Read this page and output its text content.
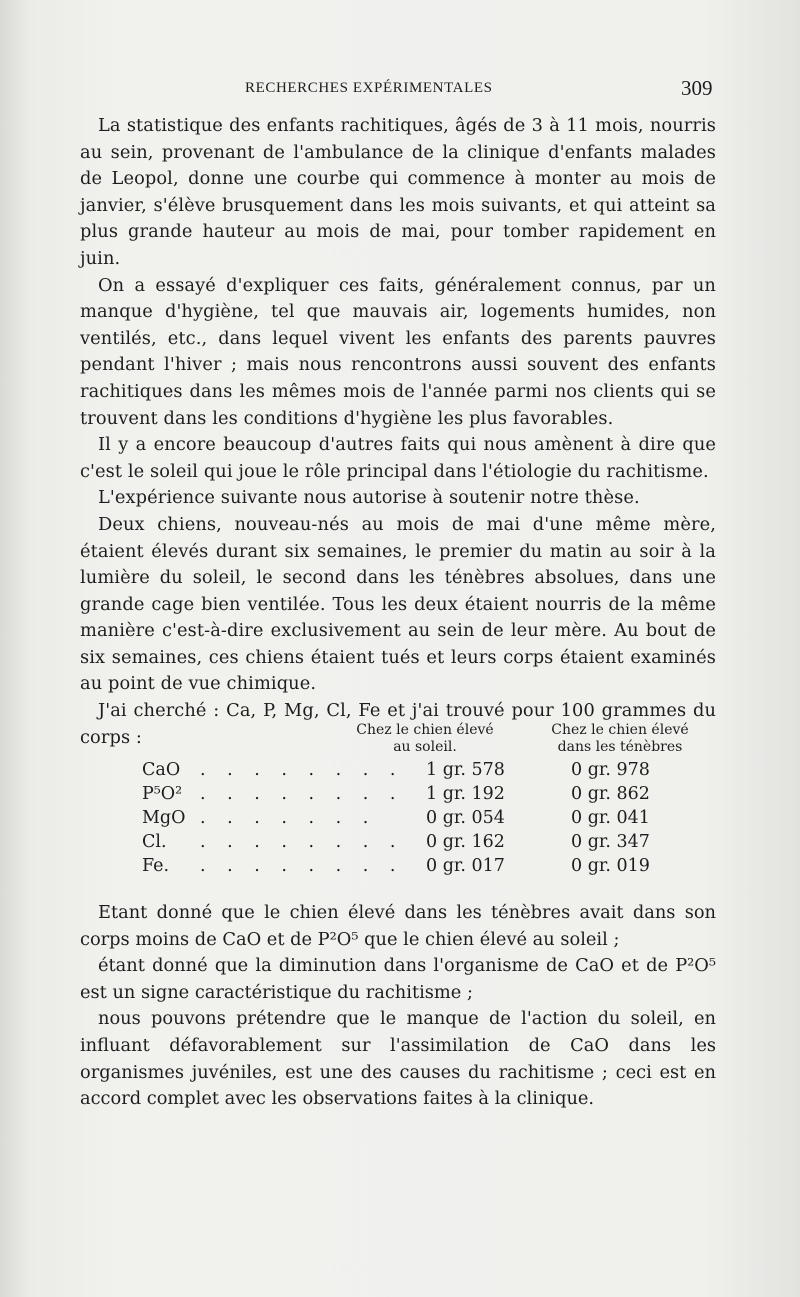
RECHERCHES EXPÉRIMENTALES	309

La statistique des enfants rachitiques, âgés de 3 à 11 mois, nourris au sein, provenant de l'ambulance de la clinique d'enfants malades de Leopol, donne une courbe qui commence à monter au mois de janvier, s'élève brusquement dans les mois suivants, et qui atteint sa plus grande hauteur au mois de mai, pour tomber rapidement en juin.

On a essayé d'expliquer ces faits, généralement connus, par un manque d'hygiène, tel que mauvais air, logements humides, non ventilés, etc., dans lequel vivent les enfants des parents pauvres pendant l'hiver ; mais nous rencontrons aussi souvent des enfants rachitiques dans les mêmes mois de l'année parmi nos clients qui se trouvent dans les conditions d'hygiène les plus favorables.

Il y a encore beaucoup d'autres faits qui nous amènent à dire que c'est le soleil qui joue le rôle principal dans l'étiologie du rachitisme.

L'expérience suivante nous autorise à soutenir notre thèse.

Deux chiens, nouveau-nés au mois de mai d'une même mère, étaient élevés durant six semaines, le premier du matin au soir à la lumière du soleil, le second dans les ténèbres absolues, dans une grande cage bien ventilée. Tous les deux étaient nourris de la même manière c'est-à-dire exclusivement au sein de leur mère. Au bout de six semaines, ces chiens étaient tués et leurs corps étaient examinés au point de vue chimique.

J'ai cherché : Ca, P, Mg, Cl, Fe et j'ai trouvé pour 100 grammes du corps :	Chez le chien élevé
au soleil.
Chez le chien élevé
dans les ténèbres
CaO . . . . . . . . 1 gr. 578	0 gr. 978
P⁵O² . . . . . . . . 1 gr. 192	0 gr. 862
MgO . . . . . . .	0 gr. 054	0 gr. 041
Cl. . . . . . . . . 0 gr. 162	0 gr. 347
Fe. . . . . . . . . 0 gr. 017	0 gr. 019

Etant donné que le chien élevé dans les ténèbres avait dans son corps moins de CaO et de P²O⁵ que le chien élevé au soleil ;

étant donné que la diminution dans l'organisme de CaO et de P²O⁵ est un signe caractéristique du rachitisme ;

nous pouvons prétendre que le manque de l'action du soleil, en influant défavorablement sur l'assimilation de CaO dans les organismes juvéniles, est une des causes du rachitisme ; ceci est en accord complet avec les observations faites à la clinique.
